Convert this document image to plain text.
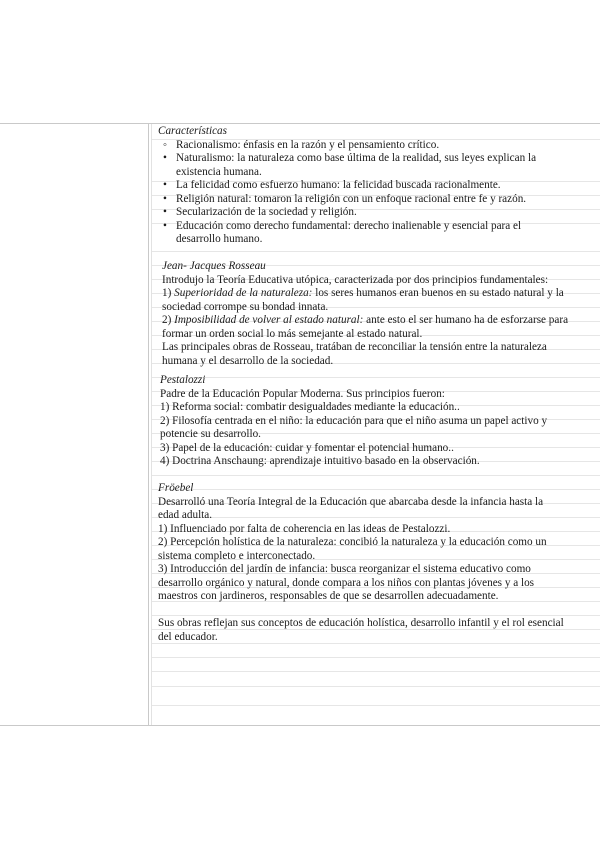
Características
◦ Racionalismo: énfasis en la razón y el pensamiento crítico.
• Naturalismo: la naturaleza como base última de la realidad, sus leyes explican la
existencia humana.
• La felicidad como esfuerzo humano: la felicidad buscada racionalmente.
• Religión natural: tomaron la religión con un enfoque racional entre fe y razón.
• Secularización de la sociedad y religión.
• Educación como derecho fundamental: derecho inalienable y esencial para el
desarrollo humano.
Jean- Jacques Rosseau
Introdujo la Teoría Educativa utópica, caracterizada por dos principios fundamentales:
1) Superioridad de la naturaleza: los seres humanos eran buenos en su estado natural y la
sociedad corrompe su bondad innata.
2) Imposibilidad de volver al estado natural: ante esto el ser humano ha de esforzarse para
formar un orden social lo más semejante al estado natural.
Las principales obras de Rosseau, tratában de reconciliar la tensión entre la naturaleza
humana y el desarrollo de la sociedad.
Pestalozzi
Padre de la Educación Popular Moderna. Sus principios fueron:
1) Reforma social: combatir desigualdades mediante la educación..
2) Filosofía centrada en el niño: la educación para que el niño asuma un papel activo y
potencie su desarrollo.
3) Papel de la educación: cuidar y fomentar el potencial humano..
4) Doctrina Anschaung: aprendizaje intuitivo basado en la observación.
Fröebel
Desarrolló una Teoría Integral de la Educación que abarcaba desde la infancia hasta la
edad adulta.
1) Influenciado por falta de coherencia en las ideas de Pestalozzi.
2) Percepción holística de la naturaleza: concibió la naturaleza y la educación como un
sistema completo e interconectado.
3) Introducción del jardín de infancia: busca reorganizar el sistema educativo como
desarrollo orgánico y natural, donde compara a los niños con plantas jóvenes y a los
maestros con jardineros, responsables de que se desarrollen adecuadamente.
Sus obras reflejan sus conceptos de educación holística, desarrollo infantil y el rol esencial
del educador.
